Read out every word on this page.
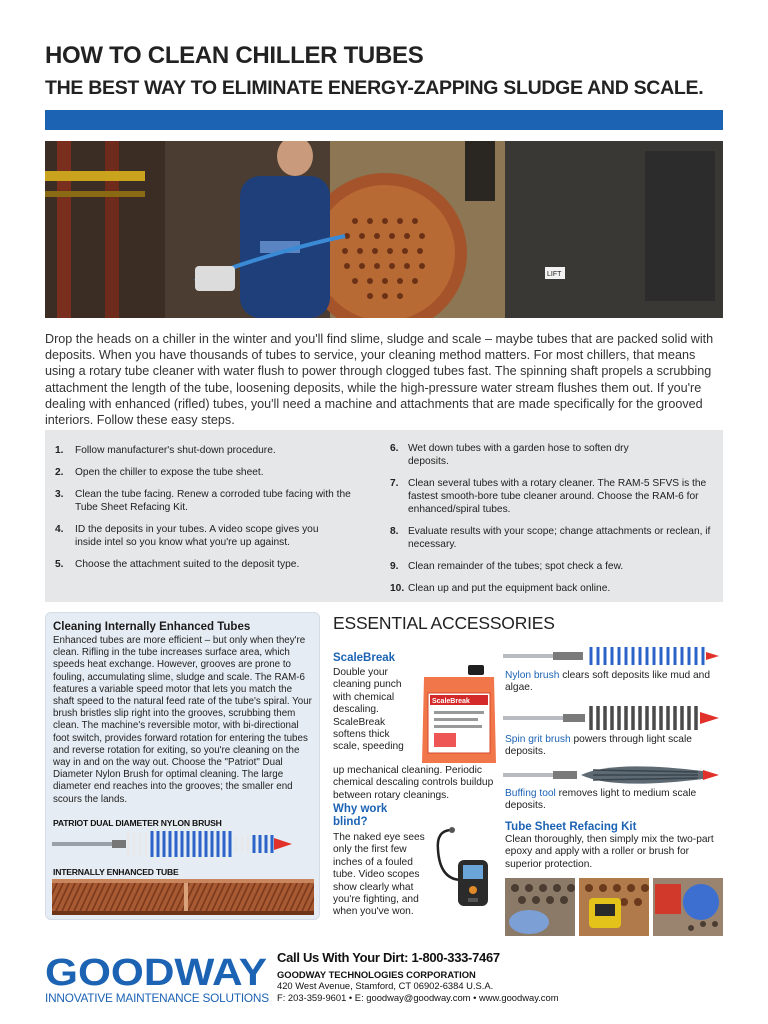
HOW TO CLEAN CHILLER TUBES
THE BEST WAY TO ELIMINATE ENERGY-ZAPPING SLUDGE AND SCALE.
LIFT

Drop the heads on a chiller in the winter and you'll find slime, sludge and scale – maybe tubes that are packed solid with deposits. When you have thousands of tubes to service, your cleaning method matters. For most chillers, that means using a rotary tube cleaner with water flush to power through clogged tubes fast. The spinning shaft propels a scrubbing attachment the length of the tube, loosening deposits, while the high-pressure water stream flushes them out. If you're dealing with enhanced (rifled) tubes, you'll need a machine and attachments that are made specifically for the grooved interiors. Follow these easy steps.

1. Follow manufacturer's shut-down procedure.
2. Open the chiller to expose the tube sheet.
3. Clean the tube facing. Renew a corroded tube facing with the Tube Sheet Refacing Kit.
4. ID the deposits in your tubes. A video scope gives you inside intel so you know what you're up against.
5. Choose the attachment suited to the deposit type.
6. Wet down tubes with a garden hose to soften dry deposits.
7. Clean several tubes with a rotary cleaner. The RAM-5 SFVS is the fastest smooth-bore tube cleaner around. Choose the RAM-6 for enhanced/spiral tubes.
8. Evaluate results with your scope; change attachments or reclean, if necessary.
9. Clean remainder of the tubes; spot check a few.
10. Clean up and put the equipment back online.
Cleaning Internally Enhanced Tubes

Enhanced tubes are more efficient – but only when they're clean. Rifling in the tube increases surface area, which speeds heat exchange. However, grooves are prone to fouling, accumulating slime, sludge and scale. The RAM-6 features a variable speed motor that lets you match the shaft speed to the natural feed rate of the tube's spiral. Your brush bristles slip right into the grooves, scrubbing them clean. The machine's reversible motor, with bi-directional foot switch, provides forward rotation for entering the tubes and reverse rotation for exiting, so you're cleaning on the way in and on the way out. Choose the "Patriot" Dual Diameter Nylon Brush for optimal cleaning. The large diameter end reaches into the grooves; the smaller end scours the lands.

PATRIOT DUAL DIAMETER NYLON BRUSH
INTERNALLY ENHANCED TUBE
ESSENTIAL ACCESSORIES
ScaleBreak

Double your cleaning punch with chemical descaling. ScaleBreak softens thick scale, speeding

up mechanical cleaning. Periodic chemical descaling controls buildup between rotary cleanings.

ScaleBreak
Why work blind?

The naked eye sees only the first few inches of a fouled tube. Video scopes show clearly what you're fighting, and when you've won.

Nylon brush clears soft deposits like mud and algae.

Spin grit brush powers through light scale deposits.

Buffing tool removes light to medium scale deposits.

Tube Sheet Refacing Kit

Clean thoroughly, then simply mix the two-part epoxy and apply with a roller or brush for superior protection.

GOODWAY
INNOVATIVE MAINTENANCE SOLUTIONS
Call Us With Your Dirt: 1-800-333-7467
GOODWAY TECHNOLOGIES CORPORATION
420 West Avenue, Stamford, CT 06902-6384 U.S.A.
F: 203-359-9601 • E: goodway@goodway.com • www.goodway.com
